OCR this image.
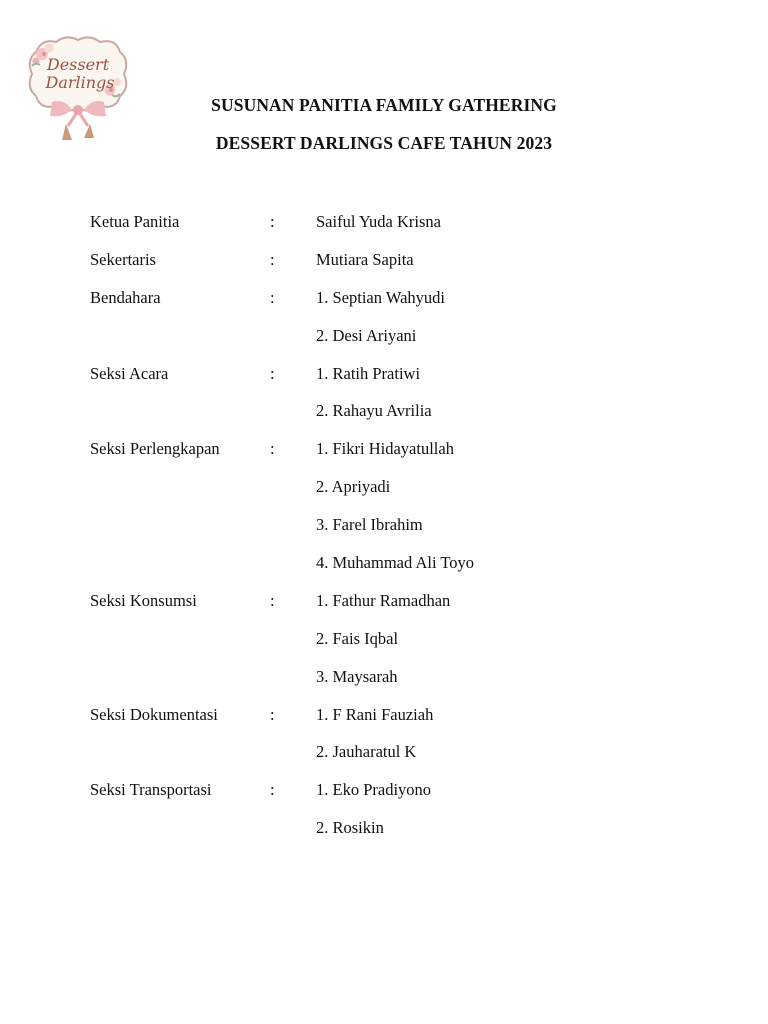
Dessert
Darlings
SUSUNAN PANITIA FAMILY GATHERING
DESSERT DARLINGS CAFE TAHUN 2023
Ketua Panitia	:	Saiful Yuda Krisna
Sekertaris	:	Mutiara Sapita
Bendahara	:	1. Septian Wahyudi
2. Desi Ariyani
Seksi Acara	:	1. Ratih Pratiwi
2. Rahayu Avrilia
Seksi Perlengkapan	:	1. Fikri Hidayatullah
2. Apriyadi
3. Farel Ibrahim
4. Muhammad Ali Toyo
Seksi Konsumsi	:	1. Fathur Ramadhan
2. Fais Iqbal
3. Maysarah
Seksi Dokumentasi	:	1. F Rani Fauziah
2. Jauharatul K
Seksi Transportasi	:	1. Eko Pradiyono
2. Rosikin
